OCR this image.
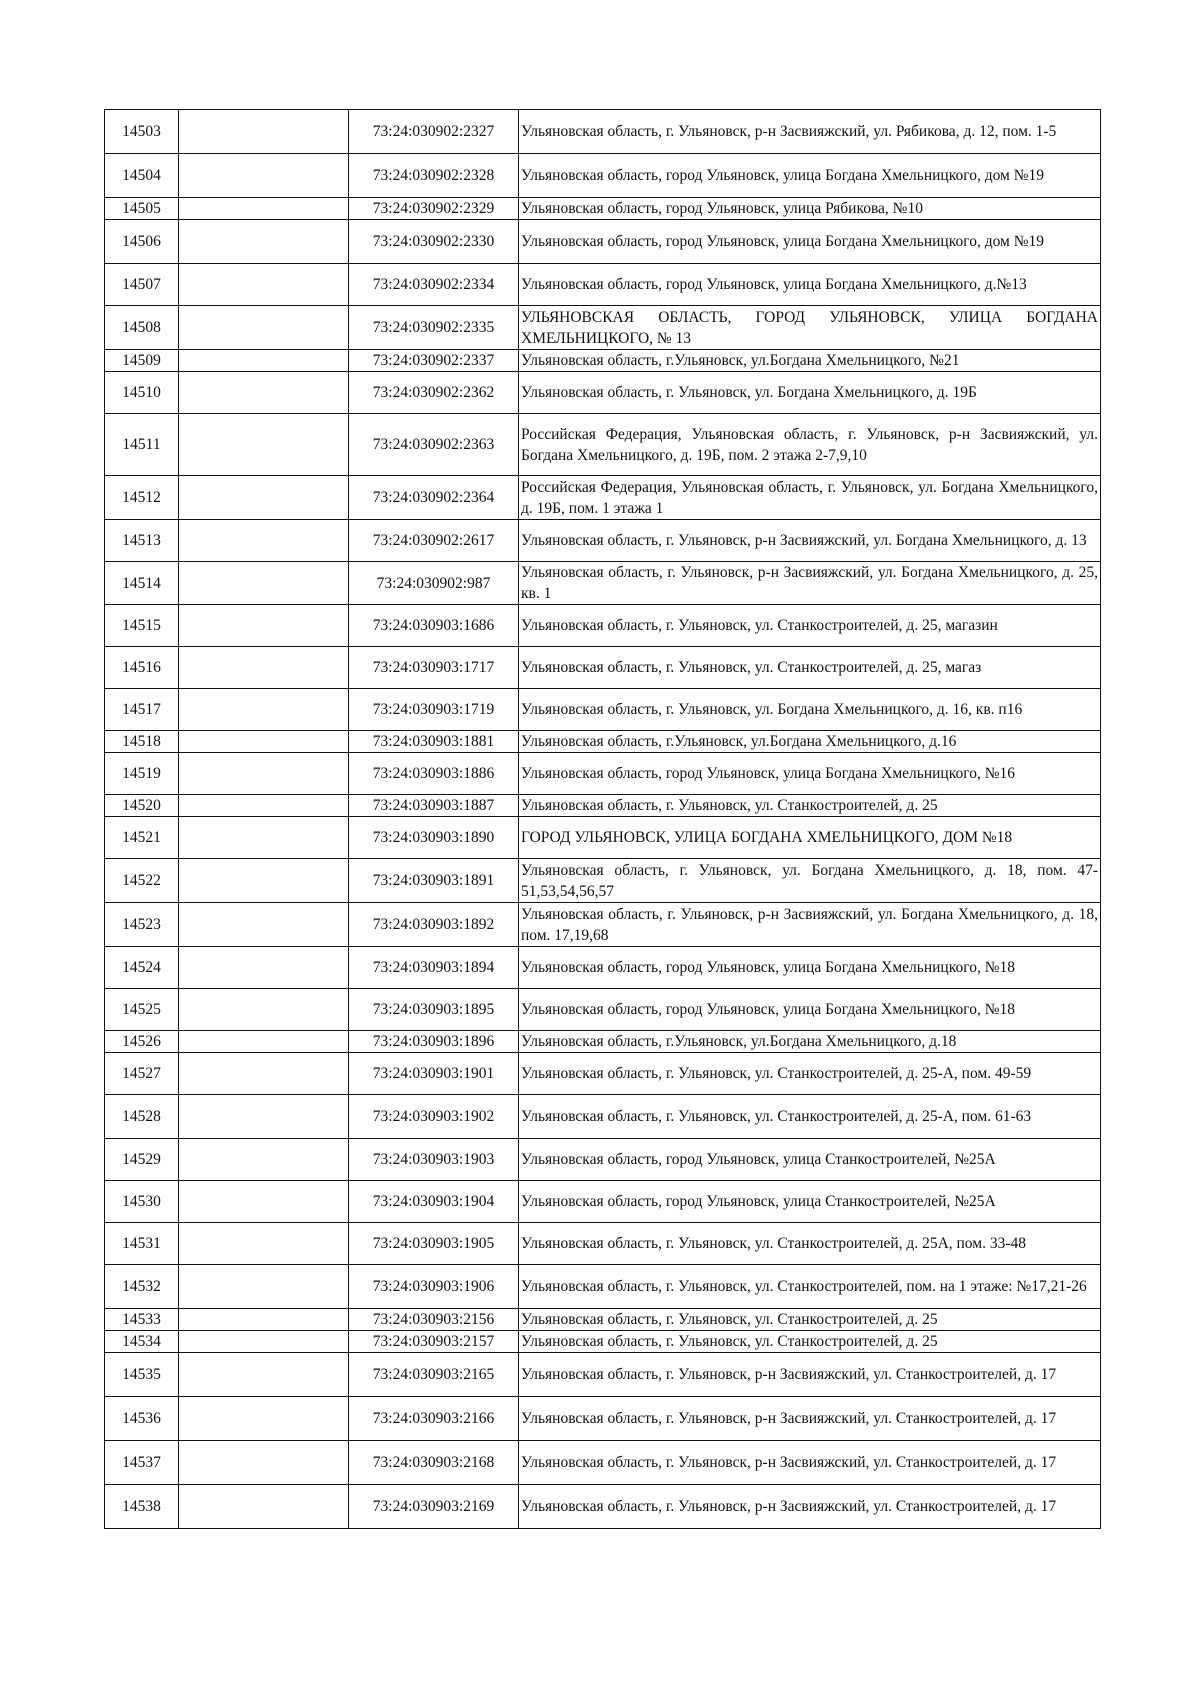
14503		73:24:030902:2327	Ульяновская область, г. Ульяновск, р-н Засвияжский, ул. Рябикова, д. 12, пом. 1-5
14504		73:24:030902:2328	Ульяновская область, город Ульяновск, улица Богдана Хмельницкого, дом №19
14505		73:24:030902:2329	Ульяновская область, город Ульяновск, улица Рябикова, №10
14506		73:24:030902:2330	Ульяновская область, город Ульяновск, улица Богдана Хмельницкого, дом №19
14507		73:24:030902:2334	Ульяновская область, город Ульяновск, улица Богдана Хмельницкого, д.№13
14508		73:24:030902:2335	УЛЬЯНОВСКАЯ ОБЛАСТЬ, ГОРОД УЛЬЯНОВСК, УЛИЦА БОГДАНА ХМЕЛЬНИЦКОГО, № 13
14509		73:24:030902:2337	Ульяновская область, г.Ульяновск, ул.Богдана Хмельницкого, №21
14510		73:24:030902:2362	Ульяновская область, г. Ульяновск, ул. Богдана Хмельницкого, д. 19Б
14511		73:24:030902:2363	Российская Федерация, Ульяновская область, г. Ульяновск, р-н Засвияжский, ул. Богдана Хмельницкого, д. 19Б, пом. 2 этажа 2-7,9,10
14512		73:24:030902:2364	Российская Федерация, Ульяновская область, г. Ульяновск, ул. Богдана Хмельницкого, д. 19Б, пом. 1 этажа 1
14513		73:24:030902:2617	Ульяновская область, г. Ульяновск, р-н Засвияжский, ул. Богдана Хмельницкого, д. 13
14514		73:24:030902:987	Ульяновская область, г. Ульяновск, р-н Засвияжский, ул. Богдана Хмельницкого, д. 25, кв. 1
14515		73:24:030903:1686	Ульяновская область, г. Ульяновск, ул. Станкостроителей, д. 25, магазин
14516		73:24:030903:1717	Ульяновская область, г. Ульяновск, ул. Станкостроителей, д. 25, магаз
14517		73:24:030903:1719	Ульяновская область, г. Ульяновск, ул. Богдана Хмельницкого, д. 16, кв. п16
14518		73:24:030903:1881	Ульяновская область, г.Ульяновск, ул.Богдана Хмельницкого, д.16
14519		73:24:030903:1886	Ульяновская область, город Ульяновск, улица Богдана Хмельницкого, №16
14520		73:24:030903:1887	Ульяновская область, г. Ульяновск, ул. Станкостроителей, д. 25
14521		73:24:030903:1890	ГОРОД УЛЬЯНОВСК, УЛИЦА БОГДАНА ХМЕЛЬНИЦКОГО, ДОМ №18
14522		73:24:030903:1891	Ульяновская область, г. Ульяновск, ул. Богдана Хмельницкого, д. 18, пом. 47-51,53,54,56,57
14523		73:24:030903:1892	Ульяновская область, г. Ульяновск, р-н Засвияжский, ул. Богдана Хмельницкого, д. 18, пом. 17,19,68
14524		73:24:030903:1894	Ульяновская область, город Ульяновск, улица Богдана Хмельницкого, №18
14525		73:24:030903:1895	Ульяновская область, город Ульяновск, улица Богдана Хмельницкого, №18
14526		73:24:030903:1896	Ульяновская область, г.Ульяновск, ул.Богдана Хмельницкого, д.18
14527		73:24:030903:1901	Ульяновская область, г. Ульяновск, ул. Станкостроителей, д. 25-А, пом. 49-59
14528		73:24:030903:1902	Ульяновская область, г. Ульяновск, ул. Станкостроителей, д. 25-А, пом. 61-63
14529		73:24:030903:1903	Ульяновская область, город Ульяновск, улица Станкостроителей, №25А
14530		73:24:030903:1904	Ульяновская область, город Ульяновск, улица Станкостроителей, №25А
14531		73:24:030903:1905	Ульяновская область, г. Ульяновск, ул. Станкостроителей, д. 25А, пом. 33-48
14532		73:24:030903:1906	Ульяновская область, г. Ульяновск, ул. Станкостроителей, пом. на 1 этаже: №17,21-26
14533		73:24:030903:2156	Ульяновская область, г. Ульяновск, ул. Станкостроителей, д. 25
14534		73:24:030903:2157	Ульяновская область, г. Ульяновск, ул. Станкостроителей, д. 25
14535		73:24:030903:2165	Ульяновская область, г. Ульяновск, р-н Засвияжский, ул. Станкостроителей, д. 17
14536		73:24:030903:2166	Ульяновская область, г. Ульяновск, р-н Засвияжский, ул. Станкостроителей, д. 17
14537		73:24:030903:2168	Ульяновская область, г. Ульяновск, р-н Засвияжский, ул. Станкостроителей, д. 17
14538		73:24:030903:2169	Ульяновская область, г. Ульяновск, р-н Засвияжский, ул. Станкостроителей, д. 17
